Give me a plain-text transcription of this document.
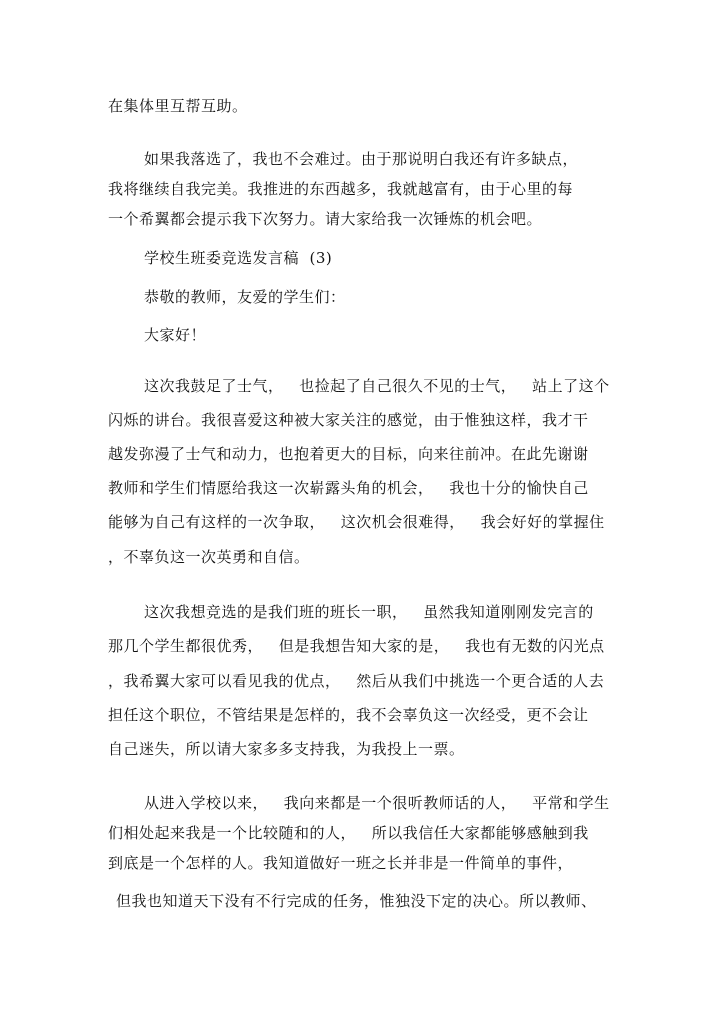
在集体里互帮互助。
如果我落选了，我也不会难过。由于那说明白我还有许多缺点，
我将继续自我完美。我推进的东西越多，我就越富有，由于心里的每
一个希翼都会提示我下次努力。请大家给我一次锤炼的机会吧。
学校生班委竞选发言稿  (3)
恭敬的教师，友爱的学生们：
大家好！
这次我鼓足了士气，   也捡起了自己很久不见的士气，   站上了这个
闪烁的讲台。我很喜爱这种被大家关注的感觉，由于惟独这样，我才干
越发弥漫了士气和动力，也抱着更大的目标，向来往前冲。在此先谢谢
教师和学生们情愿给我这一次崭露头角的机会，   我也十分的愉快自己
能够为自己有这样的一次争取，   这次机会很难得，   我会好好的掌握住
，不辜负这一次英勇和自信。
这次我想竞选的是我们班的班长一职，   虽然我知道刚刚发完言的
那几个学生都很优秀，   但是我想告知大家的是，   我也有无数的闪光点
，我希翼大家可以看见我的优点，   然后从我们中挑选一个更合适的人去
担任这个职位，不管结果是怎样的，我不会辜负这一次经受，更不会让
自己迷失，所以请大家多多支持我，为我投上一票。
从进入学校以来，   我向来都是一个很听教师话的人，   平常和学生
们相处起来我是一个比较随和的人，   所以我信任大家都能够感触到我
到底是一个怎样的人。我知道做好一班之长并非是一件简单的事件，
但我也知道天下没有不行完成的任务，惟独没下定的决心。所以教师、
